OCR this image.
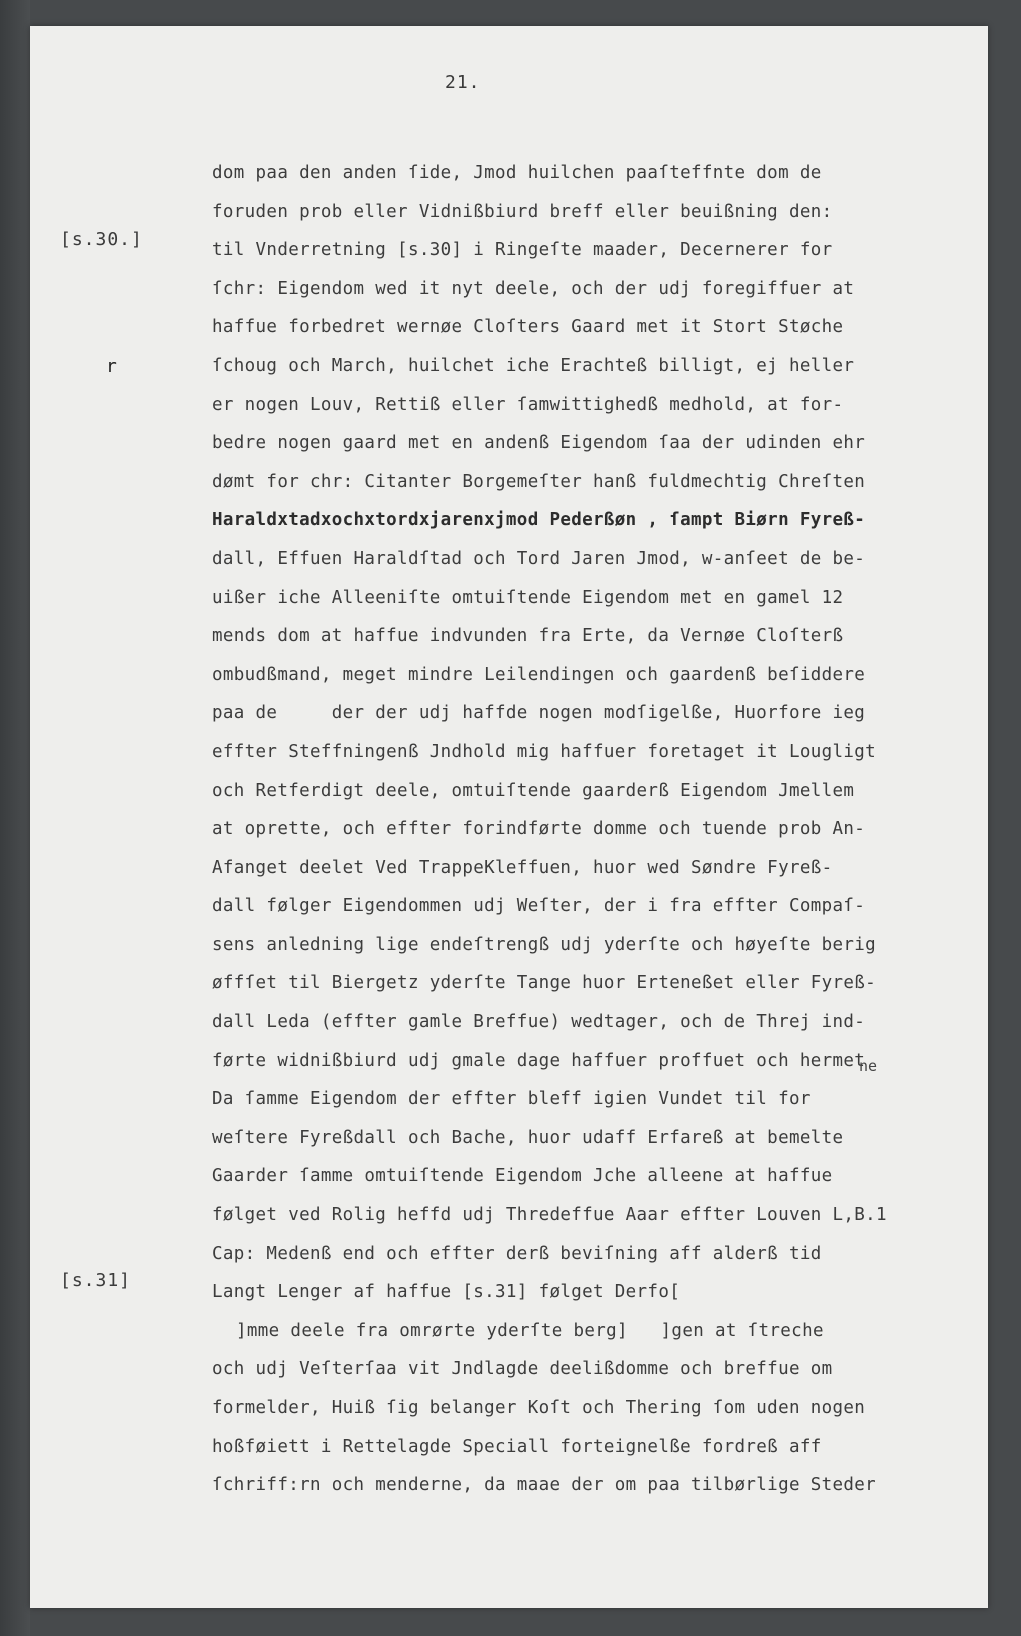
21.
[s.30.]
[s.31]
r
dom paa den anden ſide, Jmod huilchen paaſteffnte dom de
foruden prob eller Vidnißbiurd breff eller beuißning den:
til Vnderretning [s.30] i Ringeſte maader, Decernerer for
ſchr: Eigendom wed it nyt deele, och der udj foregiffuer at
haffue forbedret wernøe Cloſters Gaard met it Stort Støche
ſchoug och March, huilchet iche Erachteß billigt, ej heller
er nogen Louv, Rettiß eller ſamwittighedß medhold, at for-
bedre nogen gaard met en andenß Eigendom ſaa der udinden ehr
dømt for chr: Citanter Borgemeſter hanß fuldmechtig Chreſten
Haraldxtadxochxtordxjarenxjmod Pederßøn , ſampt Biørn Fyreß-
dall, Effuen Haraldſtad och Tord Jaren Jmod, w-anſeet de be-
uißer iche Alleeniſte omtuiſtende Eigendom met en gamel 12
mends dom at haffue indvunden fra Erte, da Vernøe Cloſterß
ombudßmand, meget mindre Leilendingen och gaardenß beſiddere
paa de     der der udj haffde nogen modſigelße, Huorfore ieg
effter Steffningenß Jndhold mig haffuer foretaget it Lougligt
och Retferdigt deele, omtuiſtende gaarderß Eigendom Jmellem
at oprette, och effter forindførte domme och tuende prob An-
Afanget deelet Ved TrappeKleffuen, huor wed Søndre Fyreß-
dall følger Eigendommen udj Weſter, der i fra effter Compaſ-
sens anledning lige endeſtrengß udj yderſte och høyeſte berig
øffſet til Biergetz yderſte Tange huor Erteneßet eller Fyreß-
dall Leda (effter gamle Breffue) wedtager, och de Threj ind-
førte widnißbiurd udj gmale dage haffuer proffuet och hermet
Da ſamme Eigendom der effter bleff igien Vundet til for
weſtere Fyreßdall och Bache, huor udaff Erfareß at bemelte
Gaarder ſamme omtuiſtende Eigendom Jche alleene at haffue
følget ved Rolig heffd udj Thredeffue Aaar effter Louven L,B.1
Cap: Medenß end och effter derß beviſning aff alderß tid
Langt Lenger af haffue [s.31] følget Derfo[
]mme deele fra omrørte yderſte berg]   ]gen at ſtreche
och udj Veſterſaa vit Jndlagde deelißdomme och breffue om
formelder, Huiß ſig belanger Koſt och Thering ſom uden nogen
hoßføiett i Rettelagde Speciall forteignelße fordreß aff
ſchriff:rn och menderne, da maae der om paa tilbørlige Steder
ne
